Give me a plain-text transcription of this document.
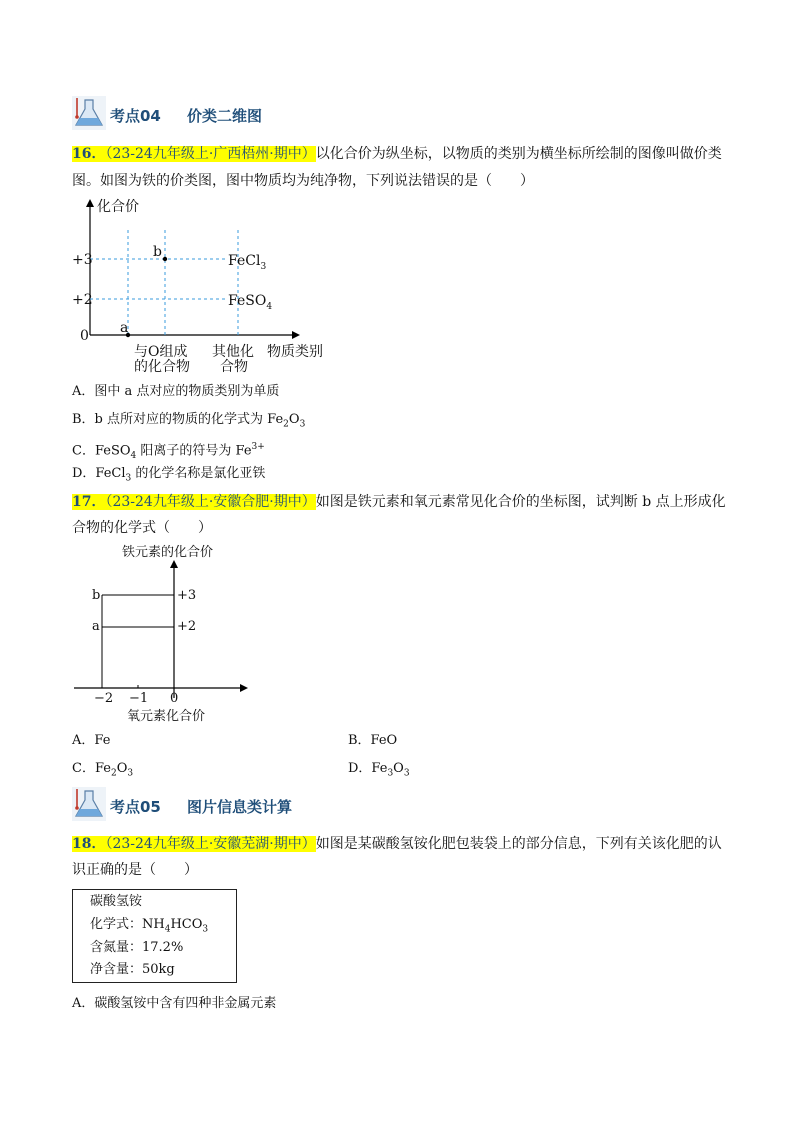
考点04 价类二维图
16．（23-24九年级上·广西梧州·期中）以化合价为纵坐标，以物质的类别为横坐标所绘制的图像叫做价类
图。如图为铁的价类图，图中物质均为纯净物，下列说法错误的是（　　）
化合价
+3
+2
0
b
a
FeCl$_3$
FeSO$_4$
与O组成
的化合物
其他化
合物
物质类别
A．图中 a 点对应的物质类别为单质
B．b 点所对应的物质的化学式为 $Fe_2O_3$
C．FeSO$_4$ 阳离子的符号为 $Fe^{3+}$
D．FeCl$_3$ 的化学名称是氯化亚铁
17．（23-24九年级上·安徽合肥·期中）如图是铁元素和氧元素常见化合价的坐标图，试判断 b 点上形成化
合物的化学式（　　）
铁元素的化合价
b
a
+3
+2
−2 −1 0
氧元素化合价
A．Fe	B．FeO
C．$Fe_2O_3$	D．$Fe_3O_3$
考点05 图片信息类计算
18．（23-24九年级上·安徽芜湖·期中）如图是某碳酸氢铵化肥包装袋上的部分信息，下列有关该化肥的认
识正确的是（　　）
碳酸氢铵
化学式：$NH_4HCO_3$
含氮量：17.2%
净含量：50kg
A．碳酸氢铵中含有四种非金属元素
